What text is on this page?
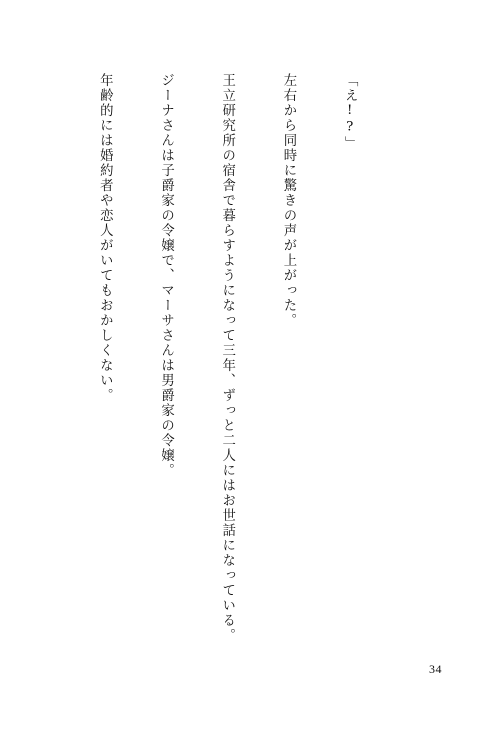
「え!?」

左右から同時に驚きの声が上がった。

王立研究所の宿舎で暮らすようになって三年、ずっと二人にはお世話になっている。

ジーナさんは子爵家の令嬢で、マーサさんは男爵家の令嬢。

年齢的には婚約者や恋人がいてもおかしくない。

34
